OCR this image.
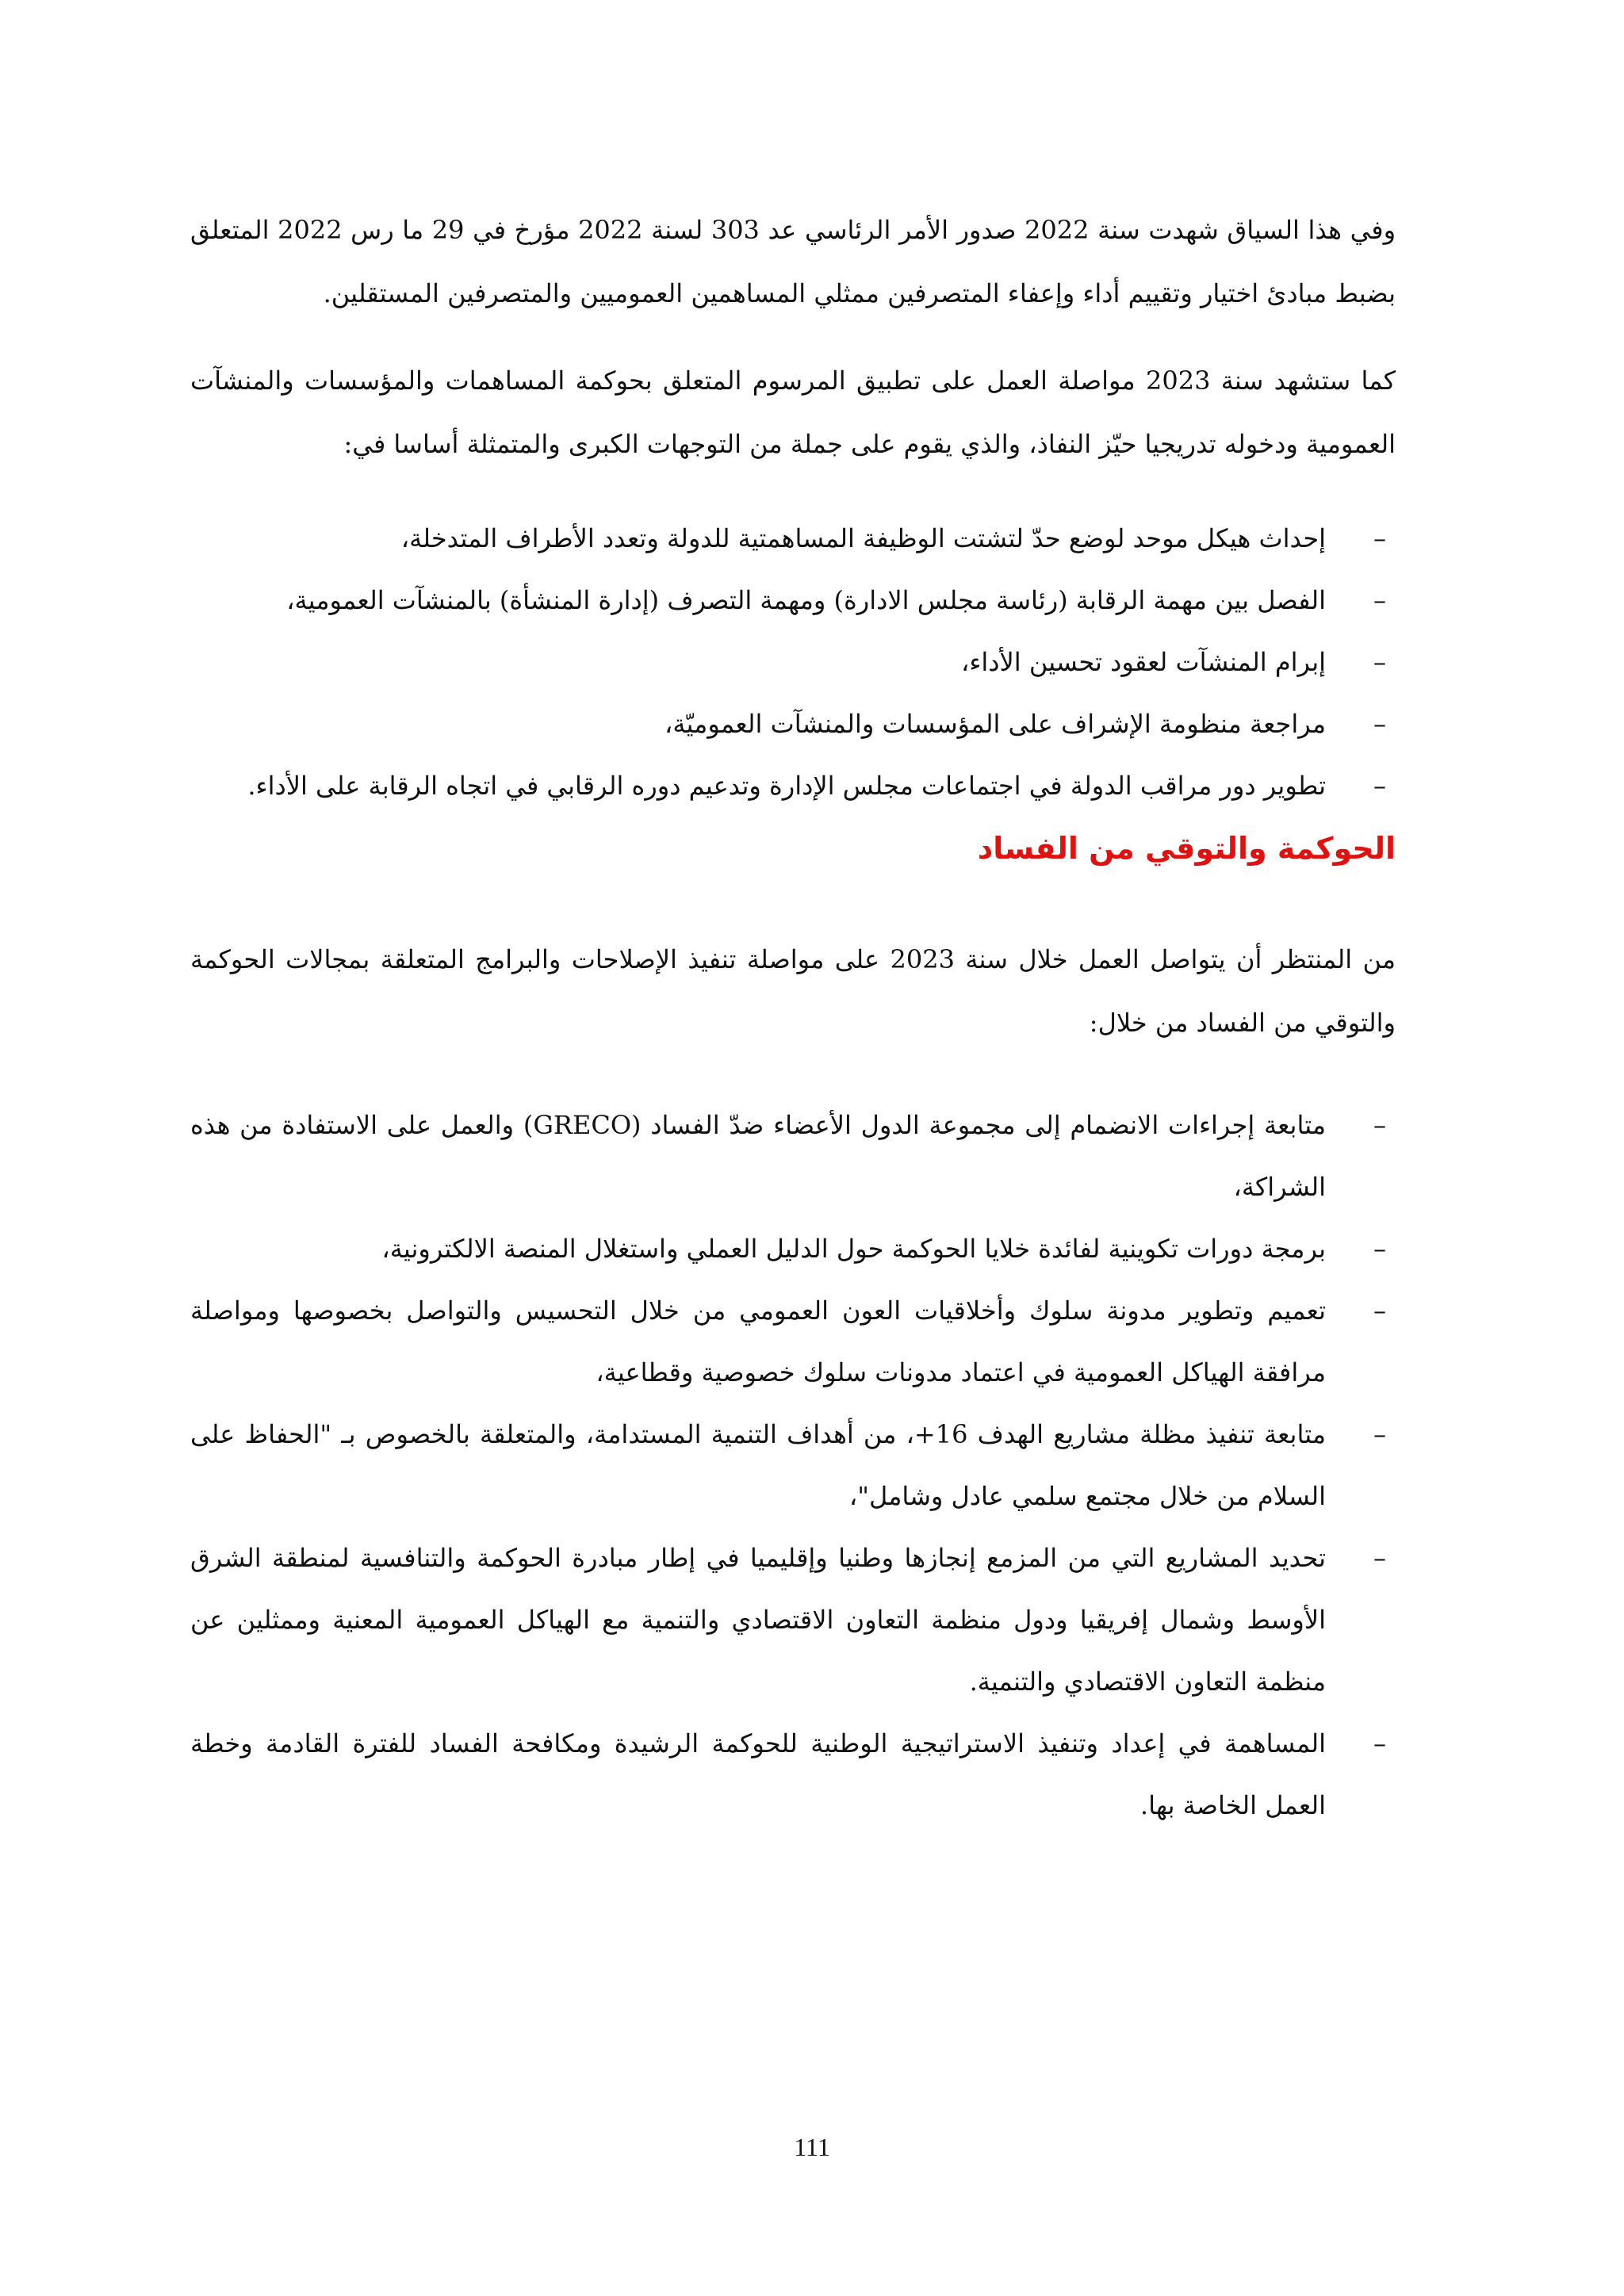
وفي هذا السياق شهدت سنة 2022 صدور الأمر الرئاسي عد 303 لسنة 2022 مؤرخ في 29 ما رس 2022 المتعلق بضبط مبادئ اختيار وتقييم أداء وإعفاء المتصرفين ممثلي المساهمين العموميين والمتصرفين المستقلين.

كما ستشهد سنة 2023 مواصلة العمل على تطبيق المرسوم المتعلق بحوكمة المساهمات والمؤسسات والمنشآت العمومية ودخوله تدريجيا حيّز النفاذ، والذي يقوم على جملة من التوجهات الكبرى والمتمثلة أساسا في:

–
إحداث هيكل موحد لوضع حدّ لتشتت الوظيفة المساهمتية للدولة وتعدد الأطراف المتدخلة،
–
الفصل بين مهمة الرقابة (رئاسة مجلس الادارة) ومهمة التصرف (إدارة المنشأة) بالمنشآت العمومية،
–
إبرام المنشآت لعقود تحسين الأداء،
–
مراجعة منظومة الإشراف على المؤسسات والمنشآت العموميّة،
–
تطوير دور مراقب الدولة في اجتماعات مجلس الإدارة وتدعيم دوره الرقابي في اتجاه الرقابة على الأداء.
الحوكمة والتوقي من الفساد

من المنتظر أن يتواصل العمل خلال سنة 2023 على مواصلة تنفيذ الإصلاحات والبرامج المتعلقة بمجالات الحوكمة والتوقي من الفساد من خلال:

–
متابعة إجراءات الانضمام إلى مجموعة الدول الأعضاء ضدّ الفساد (GRECO) والعمل على الاستفادة من هذه الشراكة،
–
برمجة دورات تكوينية لفائدة خلايا الحوكمة حول الدليل العملي واستغلال المنصة الالكترونية،
–
تعميم وتطوير مدونة سلوك وأخلاقيات العون العمومي من خلال التحسيس والتواصل بخصوصها ومواصلة مرافقة الهياكل العمومية في اعتماد مدونات سلوك خصوصية وقطاعية،
–
متابعة تنفيذ مظلة مشاريع الهدف 16+، من أهداف التنمية المستدامة، والمتعلقة بالخصوص بـ "الحفاظ على السلام من خلال مجتمع سلمي عادل وشامل"،
–
تحديد المشاريع التي من المزمع إنجازها وطنيا وإقليميا في إطار مبادرة الحوكمة والتنافسية لمنطقة الشرق الأوسط وشمال إفريقيا ودول منظمة التعاون الاقتصادي والتنمية مع الهياكل العمومية المعنية وممثلين عن منظمة التعاون الاقتصادي والتنمية.
–
المساهمة في إعداد وتنفيذ الاستراتيجية الوطنية للحوكمة الرشيدة ومكافحة الفساد للفترة القادمة وخطة العمل الخاصة بها.
111
